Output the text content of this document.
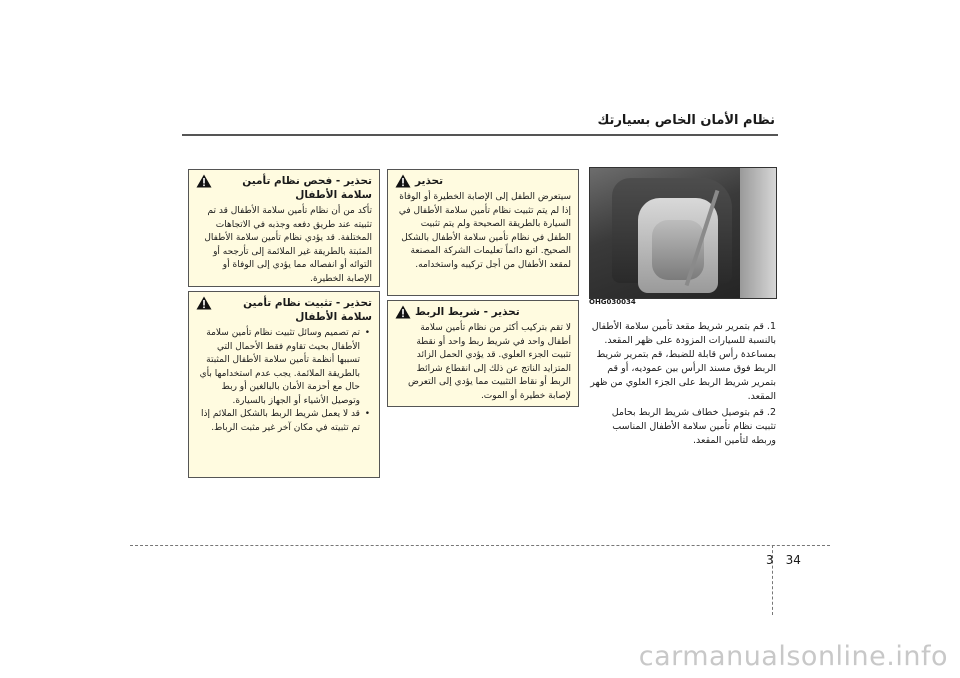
نظام الأمان الخاص بسيارتك
OHG030034
1. قم بتمرير شريط مقعد تأمين سلامة الأطفال بالنسبة للسيارات المزودة على ظهر المقعد. بمساعدة رأس قابلة للضبط، قم بتمرير شريط الربط فوق مسند الرأس بين عموديه، أو قم بتمرير شريط الربط على الجزء العلوي من ظهر المقعد.
2. قم بتوصيل خطاف شريط الربط بحامل تثبيت نظام تأمين سلامة الأطفال المناسب وربطه لتأمين المقعد.
تحذير
سيتعرض الطفل إلى الإصابة الخطيرة أو الوفاة إذا لم يتم تثبيت نظام تأمين سلامة الأطفال في السيارة بالطريقة الصحيحة ولم يتم تثبيت الطفل في نظام تأمين سلامة الأطفال بالشكل الصحيح. اتبع دائماً تعليمات الشركة المصنعة لمقعد الأطفال من أجل تركيبه واستخدامه.
تحذير - شريط الربط
لا تقم بتركيب أكثر من نظام تأمين سلامة أطفال واحد في شريط ربط واحد أو نقطة تثبيت الجزء العلوي. قد يؤدي الحمل الزائد المتزايد الناتج عن ذلك إلى انقطاع شرائط الربط أو نقاط التثبيت مما يؤدي إلى التعرض لإصابة خطيرة أو الموت.
تحذير - فحص نظام تأمين سلامة الأطفال
تأكد من أن نظام تأمين سلامة الأطفال قد تم تثبيته عند طريق دفعه وجذبه في الاتجاهات المختلفة. قد يؤدي نظام تأمين سلامة الأطفال المثبتة بالطريقة غير الملائمة إلى تأرجحه أو التوائه أو انفصاله مما يؤدي إلى الوفاة أو الإصابة الخطيرة.
تحذير - تثبيت نظام تأمين سلامة الأطفال
• تم تصميم وسائل تثبيت نظام تأمين سلامة الأطفال بحيث تقاوم فقط الأحمال التي تسببها أنظمة تأمين سلامة الأطفال المثبتة بالطريقة الملائمة. يجب عدم استخدامها بأي حال مع أحزمة الأمان بالبالغين أو ربط وتوصيل الأشياء أو الجهاز بالسيارة.
• قد لا يعمل شريط الربط بالشكل الملائم إذا تم تثبيته في مكان آخر غير مثبت الرباط.
3 34
carmanualsonline.info
